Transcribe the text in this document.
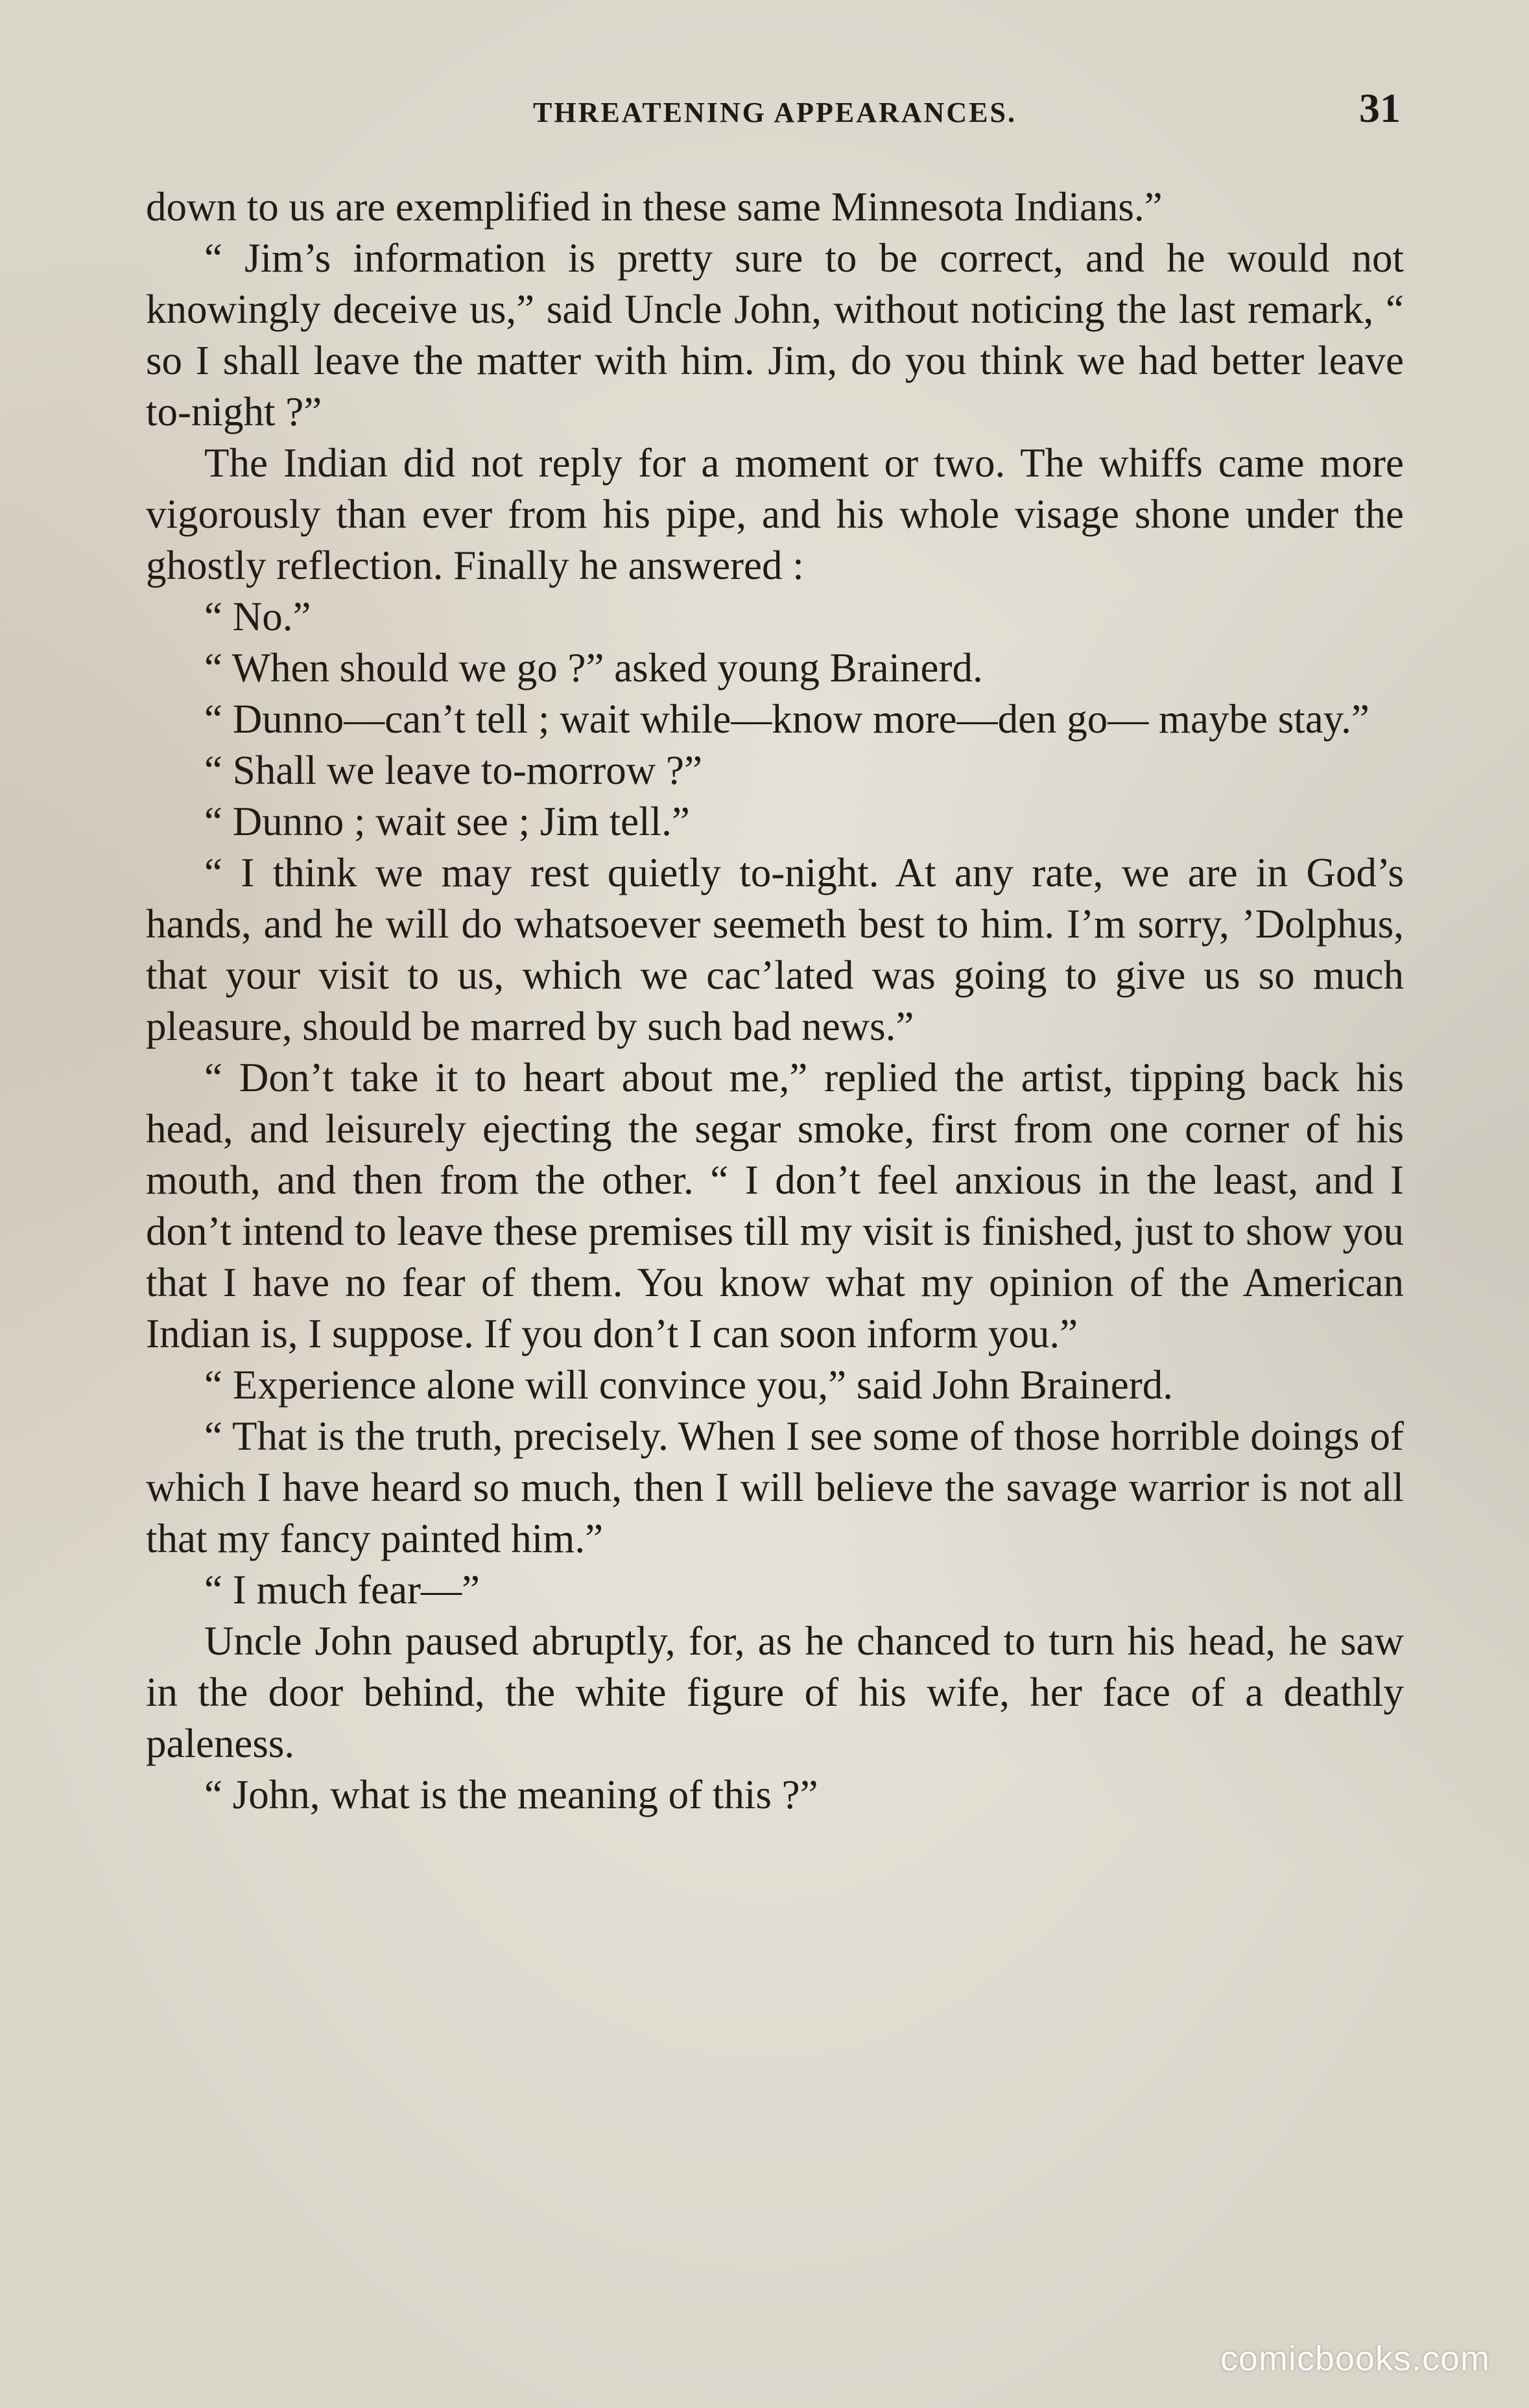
THREATENING APPEARANCES.	31

down to us are exemplified in these same Minnesota Indians.”

“ Jim’s information is pretty sure to be correct, and he would not knowingly deceive us,” said Uncle John, without noticing the last remark, “ so I shall leave the matter with him. Jim, do you think we had better leave to-night ?”

The Indian did not reply for a moment or two. The whiffs came more vigorously than ever from his pipe, and his whole visage shone under the ghostly reflection. Finally he answered :

“ No.”

“ When should we go ?” asked young Brainerd.

“ Dunno—can’t tell ; wait while—know more—den go— maybe stay.”

“ Shall we leave to-morrow ?”

“ Dunno ; wait see ; Jim tell.”

“ I think we may rest quietly to-night. At any rate, we are in God’s hands, and he will do whatsoever seemeth best to him. I’m sorry, ’Dolphus, that your visit to us, which we cac’lated was going to give us so much pleasure, should be marred by such bad news.”

“ Don’t take it to heart about me,” replied the artist, tipping back his head, and leisurely ejecting the segar smoke, first from one corner of his mouth, and then from the other. “ I don’t feel anxious in the least, and I don’t intend to leave these premises till my visit is finished, just to show you that I have no fear of them. You know what my opinion of the American Indian is, I suppose. If you don’t I can soon inform you.”

“ Experience alone will convince you,” said John Brainerd.

“ That is the truth, precisely. When I see some of those horrible doings of which I have heard so much, then I will believe the savage warrior is not all that my fancy painted him.”

“ I much fear—”

Uncle John paused abruptly, for, as he chanced to turn his head, he saw in the door behind, the white figure of his wife, her face of a deathly paleness.

“ John, what is the meaning of this ?”

comicbooks.com
